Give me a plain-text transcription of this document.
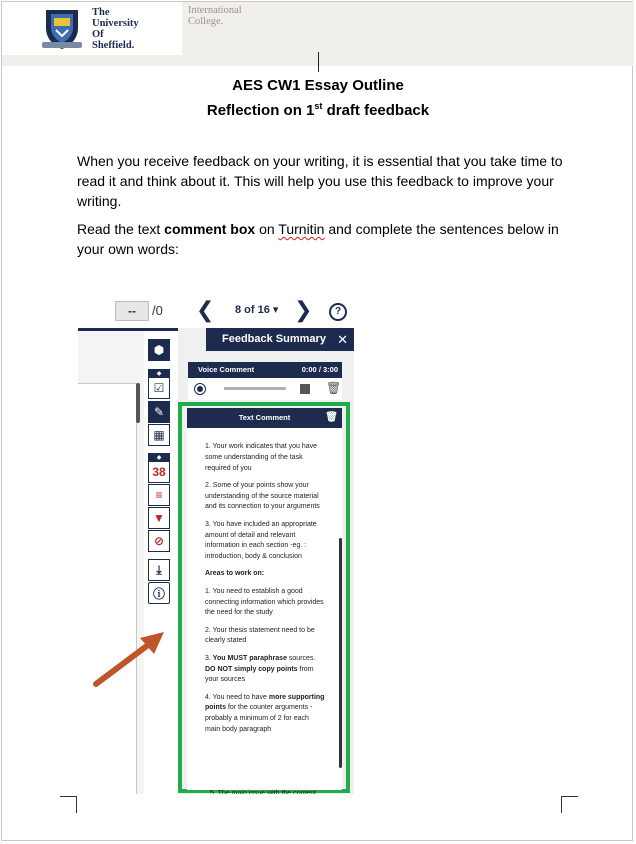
The
University
Of
Sheffield.
International
College.
AES CW1 Essay Outline
Reflection on 1st draft feedback

When you receive feedback on your writing, it is essential that you take time to read it and think about it. This will help you use this feedback to improve your writing.

Read the text comment box on Turnitin and complete the sentences below in your own words:

--	/0 ❮ 8 of 16 ▾ ❯	?
⬢
◆
☑
✎
▦
◆
38
≡
▼
⊘
⤓
ⓘ
Feedback Summary ✕
Voice Comment	0:00 / 3:00
🗑
Text Comment	🗑

1. Your work indicates that you have some understanding of the task required of you

2. Some of your points show your understanding of the source material and its connection to your arguments

3. You have included an appropriate amount of detail and relevant information in each section -eg. : introduction, body & conclusion

Areas to work on:

1. You need to establish a good connecting information which provides the need for the study

2. Your thesis statement need to be clearly stated

3. You MUST paraphrase sources. DO NOT simply copy points from your sources

4. You need to have more supporting points for the counter arguments - probably a minimum of 2 for each main body paragraph

5. The main issue with the content
